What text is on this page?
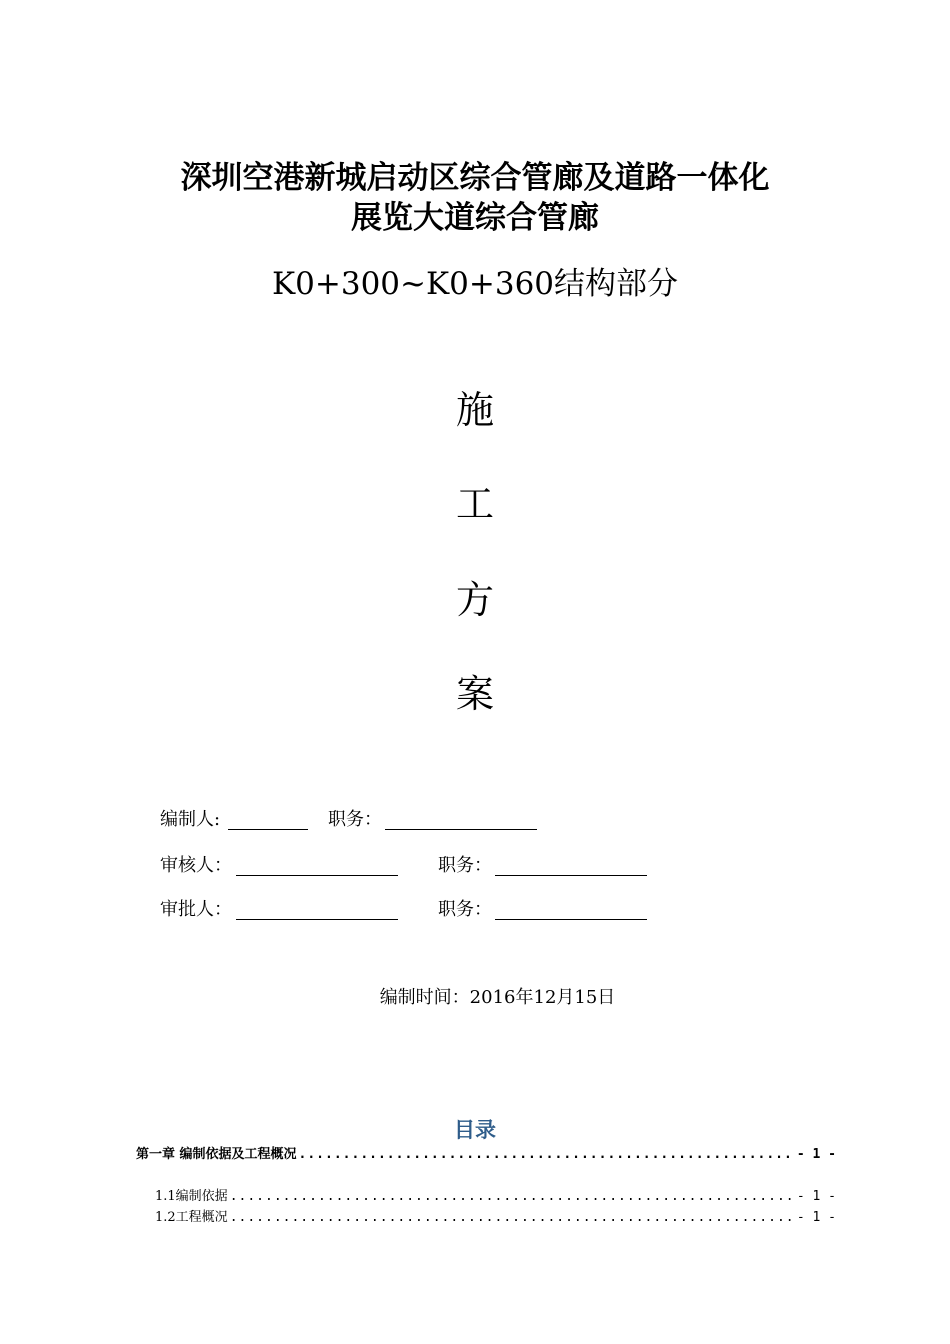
深圳空港新城启动区综合管廊及道路一体化
展览大道综合管廊
K0+300~K0+360结构部分
施
工
方
案
编制人:	职务：
审核人：	职务：
审批人：	职务：
编制时间：2016年12月15日
目录
第一章 编制依据及工程概况 .....	- 1 -
1.1编制依据 .....	- 1 -
1.2工程概况 .....	- 1 -
